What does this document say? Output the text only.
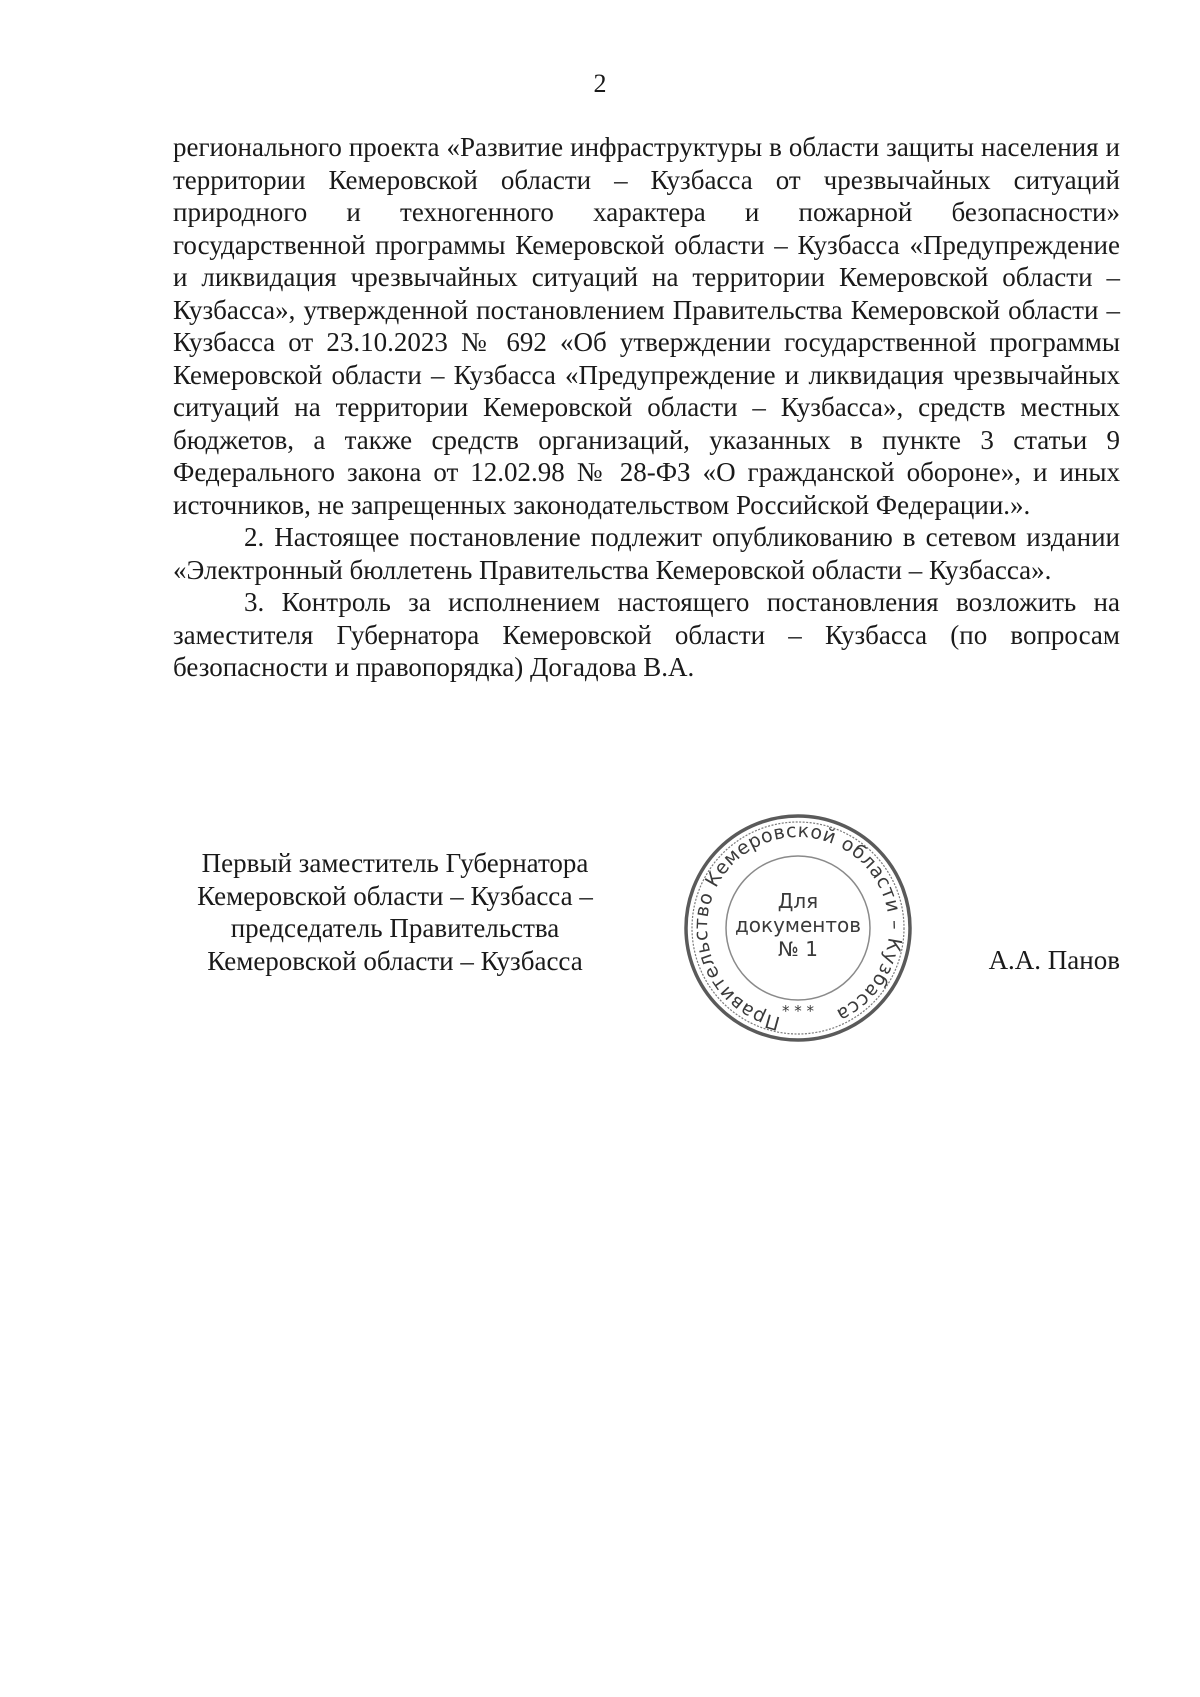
2

регионального проекта «Развитие инфраструктуры в области защиты населения и территории Кемеровской области – Кузбасса от чрезвычайных ситуаций природного и техногенного характера и пожарной безопасности» государственной программы Кемеровской области – Кузбасса «Предупреждение и ликвидация чрезвычайных ситуаций на территории Кемеровской области – Кузбасса», утвержденной постановлением Правительства Кемеровской области – Кузбасса от 23.10.2023 № 692 «Об утверждении государственной программы Кемеровской области – Кузбасса «Предупреждение и ликвидация чрезвычайных ситуаций на территории Кемеровской области – Кузбасса», средств местных бюджетов, а также средств организаций, указанных в пункте 3 статьи 9 Федерального закона от 12.02.98 № 28-ФЗ «О гражданской обороне», и иных источников, не запрещенных законодательством Российской Федерации.».

2. Настоящее постановление подлежит опубликованию в сетевом издании «Электронный бюллетень Правительства Кемеровской области – Кузбасса».

3. Контроль за исполнением настоящего постановления возложить на заместителя Губернатора Кемеровской области – Кузбасса (по вопросам безопасности и правопорядка) Догадова В.А.

Первый заместитель Губернатора
Кемеровской области – Кузбасса –
председатель Правительства
Кемеровской области – Кузбасса
Правительство Кемеровской области – Кузбасса
Для
документов
№ 1
* * *
А.А. Панов
